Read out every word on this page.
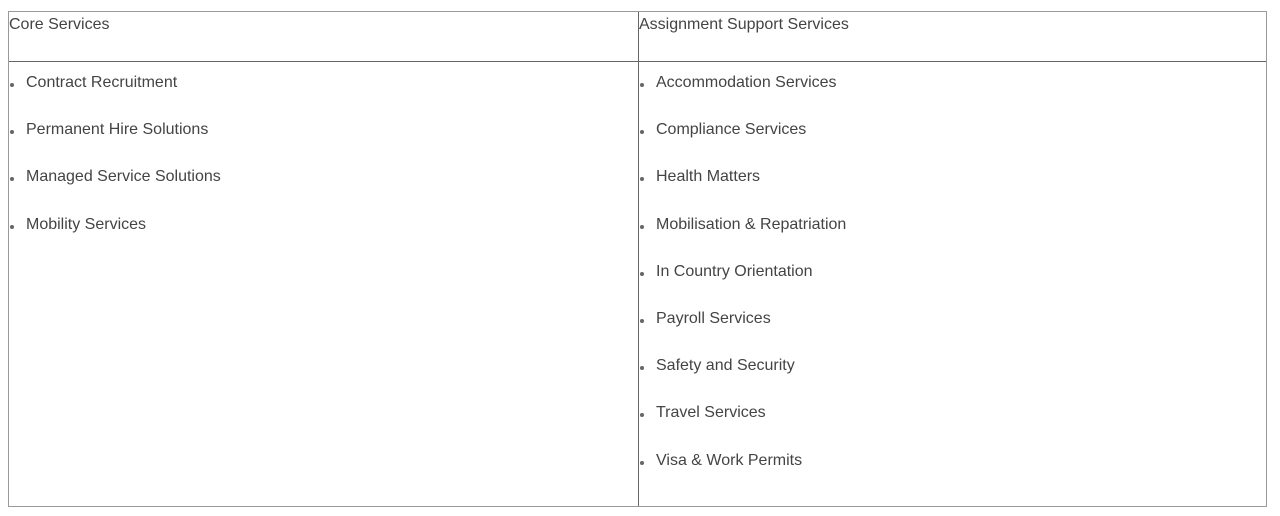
Core Services	Assignment Support Services
Contract Recruitment
Permanent Hire Solutions
Managed Service Solutions
Mobility Services
Accommodation Services
Compliance Services
Health Matters
Mobilisation & Repatriation
In Country Orientation
Payroll Services
Safety and Security
Travel Services
Visa & Work Permits
